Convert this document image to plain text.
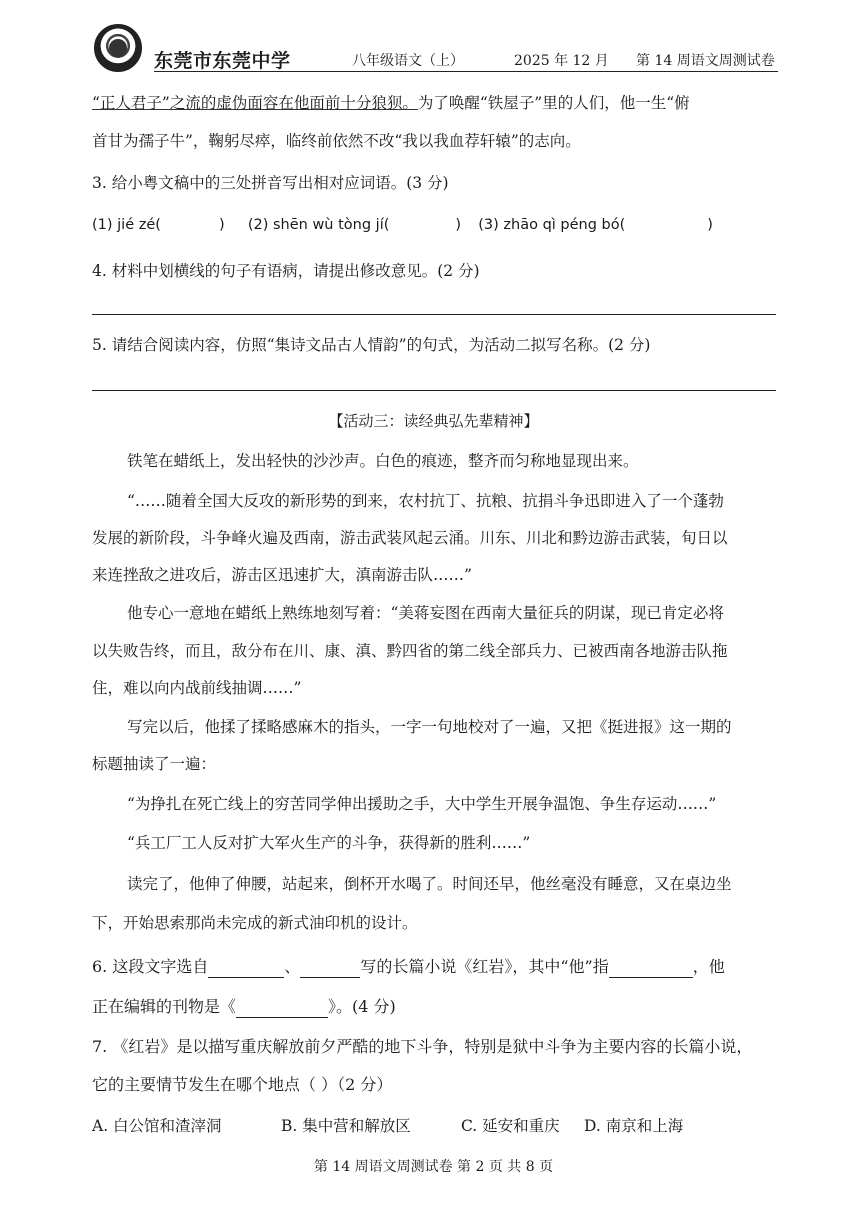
东莞市东莞中学	八年级语文（上）	2025 年 12 月 第 14 周语文周测试卷
“正人君子”之流的虚伪面容在他面前十分狼狈。为了唤醒“铁屋子”里的人们，他一生“俯
首甘为孺子牛”，鞠躬尽瘁，临终前依然不改“我以我血荐轩辕”的志向。
3. 给小粤文稿中的三处拼音写出相对应词语。(3 分)
(1) jié zé(	) (2) shēn wù tòng jí(	) (3) zhāo qì péng bó(	)
4. 材料中划横线的句子有语病，请提出修改意见。(2 分)
5. 请结合阅读内容，仿照“集诗文品古人情韵”的句式，为活动二拟写名称。(2 分)
【活动三：读经典弘先辈精神】
铁笔在蜡纸上，发出轻快的沙沙声。白色的痕迹，整齐而匀称地显现出来。
“……随着全国大反攻的新形势的到来，农村抗丁、抗粮、抗捐斗争迅即进入了一个蓬勃
发展的新阶段，斗争峰火遍及西南，游击武装风起云涌。川东、川北和黔边游击武装，旬日以
来连挫敌之进攻后，游击区迅速扩大，滇南游击队……”
他专心一意地在蜡纸上熟练地刻写着：“美蒋妄图在西南大量征兵的阴谋，现已肯定必将
以失败告终，而且，敌分布在川、康、滇、黔四省的第二线全部兵力、已被西南各地游击队拖
住，难以向内战前线抽调……”
写完以后，他揉了揉略感麻木的指头，一字一句地校对了一遍，又把《挺进报》这一期的
标题抽读了一遍：
“为挣扎在死亡线上的穷苦同学伸出援助之手，大中学生开展争温饱、争生存运动……”
“兵工厂工人反对扩大军火生产的斗争，获得新的胜利……”
读完了，他伸了伸腰，站起来，倒杯开水喝了。时间还早，他丝毫没有睡意，又在桌边坐
下，开始思索那尚未完成的新式油印机的设计。
6. 这段文字选自	、	写的长篇小说《红岩》，其中“他”指	，他
正在编辑的刊物是《	》。(4 分)
7. 《红岩》是以描写重庆解放前夕严酷的地下斗争，特别是狱中斗争为主要内容的长篇小说，
它的主要情节发生在哪个地点（ ）（2 分）
A. 白公馆和渣滓洞	B. 集中营和解放区	C. 延安和重庆 D. 南京和上海
第 14 周语文周测试卷 第 2 页 共 8 页
